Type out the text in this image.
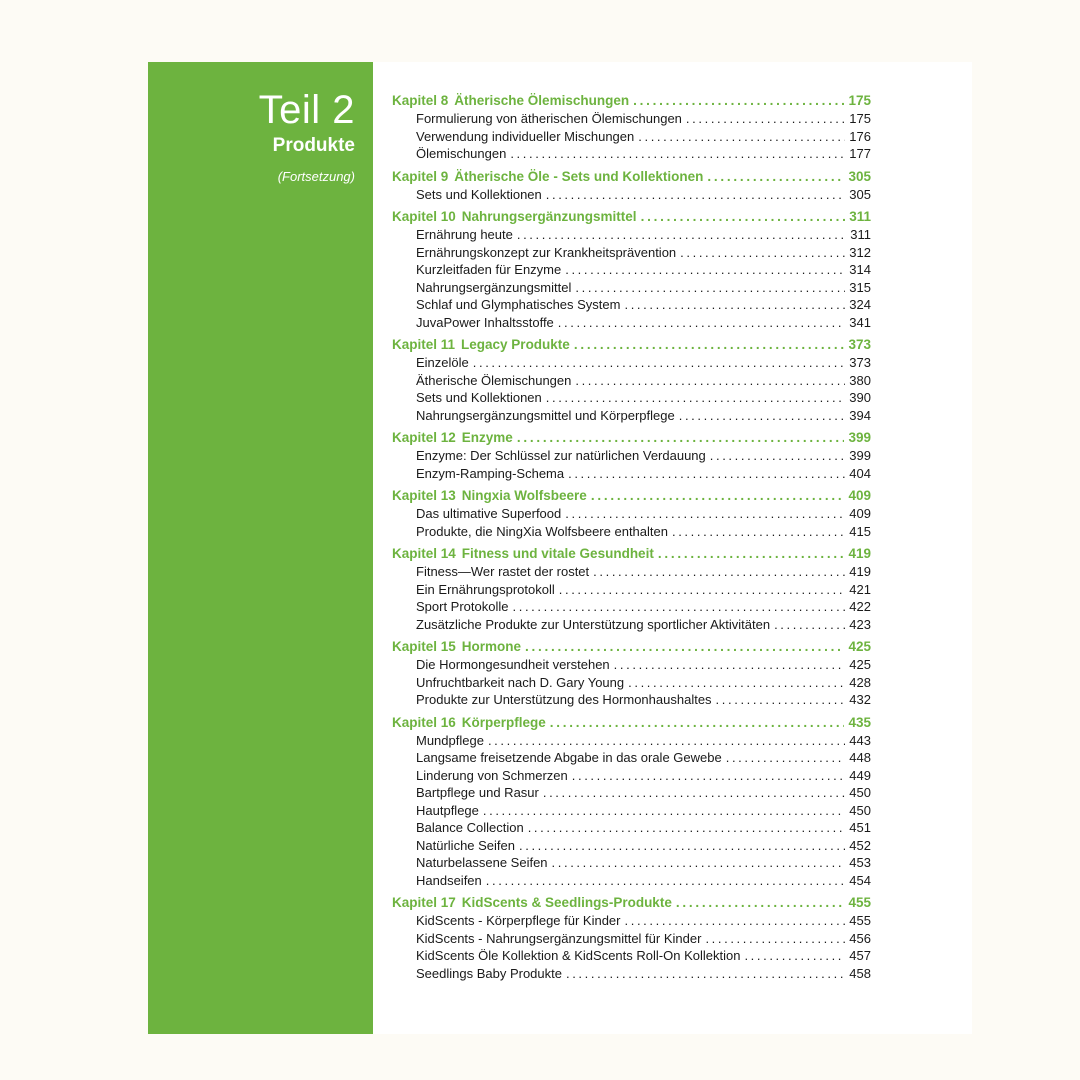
Teil 2
Produkte
(Fortsetzung)
Kapitel 8 Ätherische Ölemischungen . . .	175
Formulierung von ätherischen Ölemischungen . . .	175
Verwendung individueller Mischungen . . .	176
Ölemischungen . . .	177
Kapitel 9 Ätherische Öle - Sets und Kollektionen . . .	305
Sets und Kollektionen . . .	305
Kapitel 10 Nahrungsergänzungsmittel . . .	311
Ernährung heute . . .	311
Ernährungskonzept zur Krankheitsprävention . . .	312
Kurzleitfaden für Enzyme . . .	314
Nahrungsergänzungsmittel . . .	315
Schlaf und Glymphatisches System . . .	324
JuvaPower Inhaltsstoffe . . .	341
Kapitel 11 Legacy Produkte . . .	373
Einzelöle . . .	373
Ätherische Ölemischungen . . .	380
Sets und Kollektionen . . .	390
Nahrungsergänzungsmittel und Körperpflege . . .	394
Kapitel 12 Enzyme . . .	399
Enzyme: Der Schlüssel zur natürlichen Verdauung . . .	399
Enzym-Ramping-Schema . . .	404
Kapitel 13 Ningxia Wolfsbeere . . .	409
Das ultimative Superfood . . .	409
Produkte, die NingXia Wolfsbeere enthalten . . .	415
Kapitel 14 Fitness und vitale Gesundheit . . .	419
Fitness—Wer rastet der rostet . . .	419
Ein Ernährungsprotokoll . . .	421
Sport Protokolle . . .	422
Zusätzliche Produkte zur Unterstützung sportlicher Aktivitäten . . .	423
Kapitel 15 Hormone . . .	425
Die Hormongesundheit verstehen . . .	425
Unfruchtbarkeit nach D. Gary Young . . .	428
Produkte zur Unterstützung des Hormonhaushaltes . . .	432
Kapitel 16 Körperpflege . . .	435
Mundpflege . . .	443
Langsame freisetzende Abgabe in das orale Gewebe . . .	448
Linderung von Schmerzen . . .	449
Bartpflege und Rasur . . .	450
Hautpflege . . .	450
Balance Collection . . .	451
Natürliche Seifen . . .	452
Naturbelassene Seifen . . .	453
Handseifen . . .	454
Kapitel 17 KidScents & Seedlings-Produkte . . .	455
KidScents - Körperpflege für Kinder . . .	455
KidScents - Nahrungsergänzungsmittel für Kinder . . .	456
KidScents Öle Kollektion & KidScents Roll-On Kollektion . . .	457
Seedlings Baby Produkte . . .	458
